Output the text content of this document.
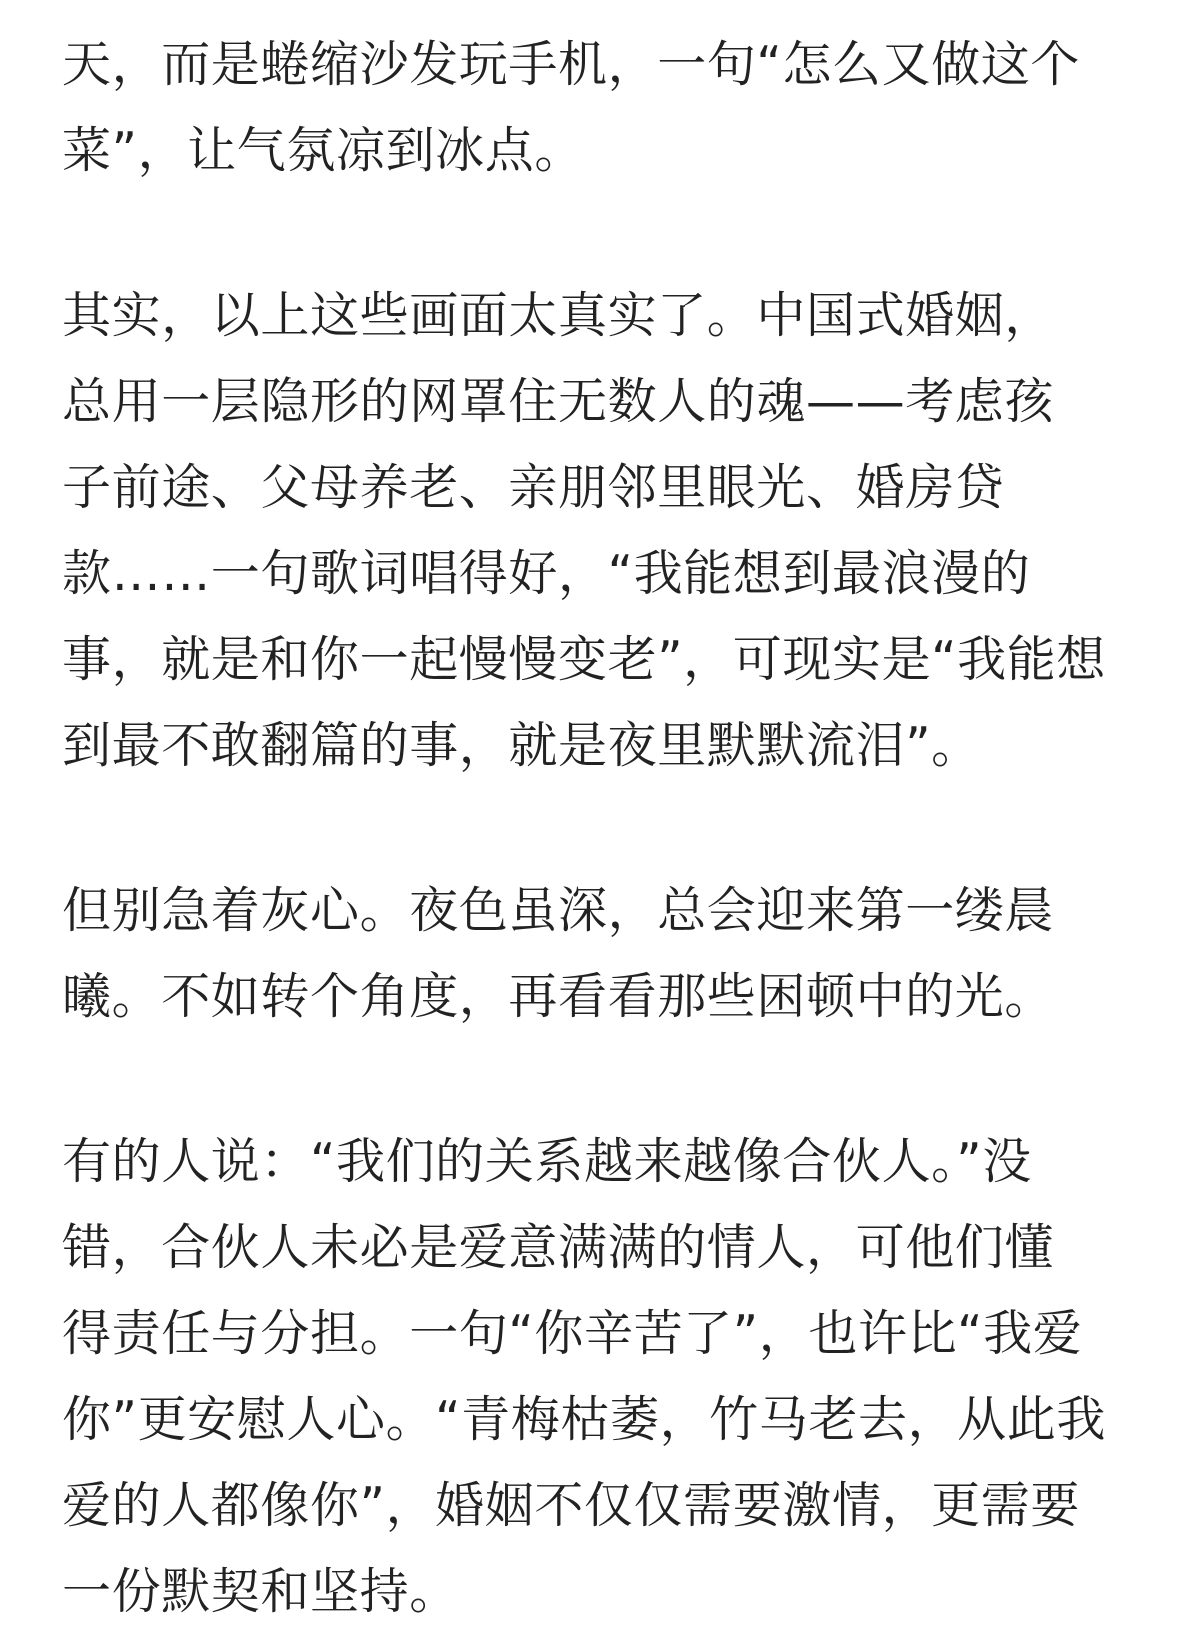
天，而是蜷缩沙发玩手机，一句“怎么又做这个
菜”，让气氛凉到冰点。

其实，以上这些画面太真实了。中国式婚姻，
总用一层隐形的网罩住无数人的魂——考虑孩
子前途、父母养老、亲朋邻里眼光、婚房贷
款……一句歌词唱得好，“我能想到最浪漫的
事，就是和你一起慢慢变老”，可现实是“我能想
到最不敢翻篇的事，就是夜里默默流泪”。

但别急着灰心。夜色虽深，总会迎来第一缕晨
曦。不如转个角度，再看看那些困顿中的光。

有的人说：“我们的关系越来越像合伙人。”没
错，合伙人未必是爱意满满的情人，可他们懂
得责任与分担。一句“你辛苦了”，也许比“我爱
你”更安慰人心。“青梅枯萎，竹马老去，从此我
爱的人都像你”，婚姻不仅仅需要激情，更需要
一份默契和坚持。
